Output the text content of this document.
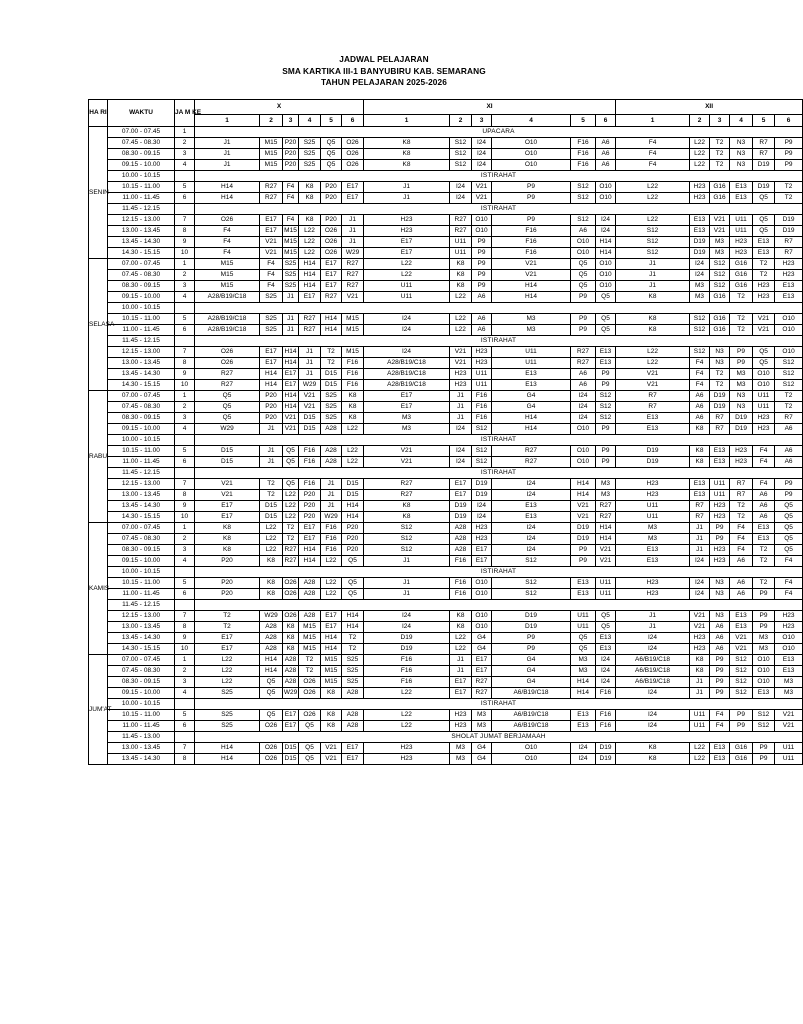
JADWAL PELAJARAN
SMA KARTIKA III-1 BANYUBIRU KAB. SEMARANG
TAHUN PELAJARAN 2025-2026
HA RI	WAKTU	JA M KE	X						XI						XII					
			1	2	3	4	5	6	1	2	3	4	5	6	1	2	3	4	5	6
SENIN	07.00 - 07.45	1	UPACARA																	
	07.45 - 08.30	2	J1	M15	P20	S25	Q5	O26	K8	S12	I24	O10	F16	A6	F4	L22	T2	N3	R7	P9
	08.30 - 09.15	3	J1	M15	P20	S25	Q5	O26	K8	S12	I24	O10	F16	A6	F4	L22	T2	N3	R7	P9
	09.15 - 10.00	4	J1	M15	P20	S25	Q5	O26	K8	S12	I24	O10	F16	A6	F4	L22	T2	N3	D19	P9
	10.00 - 10.15		ISTIRAHAT																	
	10.15 - 11.00	5	H14	R27	F4	K8	P20	E17	J1	I24	V21	P9	S12	O10	L22	H23	G16	E13	D19	T2
	11.00 - 11.45	6	H14	R27	F4	K8	P20	E17	J1	I24	V21	P9	S12	O10	L22	H23	G16	E13	Q5	T2
	11.45 - 12.15		ISTIRAHAT																	
	12.15 - 13.00	7	O26	E17	F4	K8	P20	J1	H23	R27	O10	P9	S12	I24	L22	E13	V21	U11	Q5	D19
	13.00 - 13.45	8	F4	E17	M15	L22	O26	J1	H23	R27	O10	F16	A6	I24	S12	E13	V21	U11	Q5	D19
	13.45 - 14.30	9	F4	V21	M15	L22	O26	J1	E17	U11	P9	F16	O10	H14	S12	D19	M3	H23	E13	R7
	14.30 - 15.15	10	F4	V21	M15	L22	O26	W29	E17	U11	P9	F16	O10	H14	S12	D19	M3	H23	E13	R7
SELASA	07.00 - 07.45	1	M15	F4	S25	H14	E17	R27	L22	K8	P9	V21	Q5	O10	J1	I24	S12	G16	T2	H23
	07.45 - 08.30	2	M15	F4	S25	H14	E17	R27	L22	K8	P9	V21	Q5	O10	J1	I24	S12	G16	T2	H23
	08.30 - 09.15	3	M15	F4	S25	H14	E17	R27	U11	K8	P9	H14	Q5	O10	J1	M3	S12	G16	H23	E13
	09.15 - 10.00	4	A28/B19/C18	S25	J1	E17	R27	V21	U11	L22	A6	H14	P9	Q5	K8	M3	G16	T2	H23	E13
	10.00 - 10.15																			
	10.15 - 11.00	5	A28/B19/C18	S25	J1	R27	H14	M15	I24	L22	A6	M3	P9	Q5	K8	S12	G16	T2	V21	O10
	11.00 - 11.45	6	A28/B19/C18	S25	J1	R27	H14	M15	I24	L22	A6	M3	P9	Q5	K8	S12	G16	T2	V21	O10
	11.45 - 12.15		ISTIRAHAT																	
	12.15 - 13.00	7	O26	E17	H14	J1	T2	M15	I24	V21	H23	U11	R27	E13	L22	S12	N3	P9	Q5	O10
	13.00 - 13.45	8	O26	E17	H14	J1	T2	F16	A28/B19/C18	V21	H23	U11	R27	E13	L22	F4	N3	P9	Q5	S12
	13.45 - 14.30	9	R27	H14	E17	J1	D15	F16	A28/B19/C18	H23	U11	E13	A6	P9	V21	F4	T2	M3	O10	S12
	14.30 - 15.15	10	R27	H14	E17	W29	D15	F16	A28/B19/C18	H23	U11	E13	A6	P9	V21	F4	T2	M3	O10	S12
RABU	07.00 - 07.45	1	Q5	P20	H14	V21	S25	K8	E17	J1	F16	G4	I24	S12	R7	A6	D19	N3	U11	T2
	07.45 - 08.30	2	Q5	P20	H14	V21	S25	K8	E17	J1	F16	G4	I24	S12	R7	A6	D19	N3	U11	T2
	08.30 - 09.15	3	Q5	P20	V21	D15	S25	K8	M3	J1	F16	H14	I24	S12	E13	A6	R7	D19	H23	R7
	09.15 - 10.00	4	W29	J1	V21	D15	A28	L22	M3	I24	S12	H14	O10	P9	E13	K8	R7	D19	H23	A6
	10.00 - 10.15		ISTIRAHAT																	
	10.15 - 11.00	5	D15	J1	Q5	F16	A28	L22	V21	I24	S12	R27	O10	P9	D19	K8	E13	H23	F4	A6
	11.00 - 11.45	6	D15	J1	Q5	F16	A28	L22	V21	I24	S12	R27	O10	P9	D19	K8	E13	H23	F4	A6
	11.45 - 12.15		ISTIRAHAT																	
	12.15 - 13.00	7	V21	T2	Q5	F16	J1	D15	R27	E17	D19	I24	H14	M3	H23	E13	U11	R7	F4	P9
	13.00 - 13.45	8	V21	T2	L22	P20	J1	D15	R27	E17	D19	I24	H14	M3	H23	E13	U11	R7	A6	P9
	13.45 - 14.30	9	E17	D15	L22	P20	J1	H14	K8	D19	I24	E13	V21	R27	U11	R7	H23	T2	A6	Q5
	14.30 - 15.15	10	E17	D15	L22	P20	W29	H14	K8	D19	I24	E13	V21	R27	U11	R7	H23	T2	A6	Q5
KAMIS	07.00 - 07.45	1	K8	L22	T2	E17	F16	P20	S12	A28	H23	I24	D19	H14	M3	J1	P9	F4	E13	Q5
	07.45 - 08.30	2	K8	L22	T2	E17	F16	P20	S12	A28	H23	I24	D19	H14	M3	J1	P9	F4	E13	Q5
	08.30 - 09.15	3	K8	L22	R27	H14	F16	P20	S12	A28	E17	I24	P9	V21	E13	J1	H23	F4	T2	Q5
	09.15 - 10.00	4	P20	K8	R27	H14	L22	Q5	J1	F16	E17	S12	P9	V21	E13	I24	H23	A6	T2	F4
	10.00 - 10.15		ISTIRAHAT																	
	10.15 - 11.00	5	P20	K8	O26	A28	L22	Q5	J1	F16	O10	S12	E13	U11	H23	I24	N3	A6	T2	F4
	11.00 - 11.45	6	P20	K8	O26	A28	L22	Q5	J1	F16	O10	S12	E13	U11	H23	I24	N3	A6	P9	F4
	11.45 - 12.15																			
	12.15 - 13.00	7	T2	W29	O26	A28	E17	H14	I24	K8	O10	D19	U11	Q5	J1	V21	N3	E13	P9	H23
	13.00 - 13.45	8	T2	A28	K8	M15	E17	H14	I24	K8	O10	D19	U11	Q5	J1	V21	A6	E13	P9	H23
	13.45 - 14.30	9	E17	A28	K8	M15	H14	T2	D19	L22	G4	P9	Q5	E13	I24	H23	A6	V21	M3	O10
	14.30 - 15.15	10	E17	A28	K8	M15	H14	T2	D19	L22	G4	P9	Q5	E13	I24	H23	A6	V21	M3	O10
JUM'AT	07.00 - 07.45	1	L22	H14	A28	T2	M15	S25	F16	J1	E17	G4	M3	I24	A6/B19/C18	K8	P9	S12	O10	E13
	07.45 - 08.30	2	L22	H14	A28	T2	M15	S25	F16	J1	E17	G4	M3	I24	A6/B19/C18	K8	P9	S12	O10	E13
	08.30 - 09.15	3	L22	Q5	A28	O26	M15	S25	F16	E17	R27	G4	H14	I24	A6/B19/C18	J1	P9	S12	O10	M3
	09.15 - 10.00	4	S25	Q5	W29	O26	K8	A28	L22	E17	R27	A6/B19/C18	H14	F16	I24	J1	P9	S12	E13	M3
	10.00 - 10.15		ISTIRAHAT																	
	10.15 - 11.00	5	S25	Q5	E17	O26	K8	A28	L22	H23	M3	A6/B19/C18	E13	F16	I24	U11	F4	P9	S12	V21
	11.00 - 11.45	6	S25	O26	E17	Q5	K8	A28	L22	H23	M3	A6/B19/C18	E13	F16	I24	U11	F4	P9	S12	V21
	11.45 - 13.00		SHOLAT JUMAT BERJAMAAH																	
	13.00 - 13.45	7	H14	O26	D15	Q5	V21	E17	H23	M3	G4	O10	I24	D19	K8	L22	E13	G16	P9	U11
	13.45 - 14.30	8	H14	O26	D15	Q5	V21	E17	H23	M3	G4	O10	I24	D19	K8	L22	E13	G16	P9	U11
